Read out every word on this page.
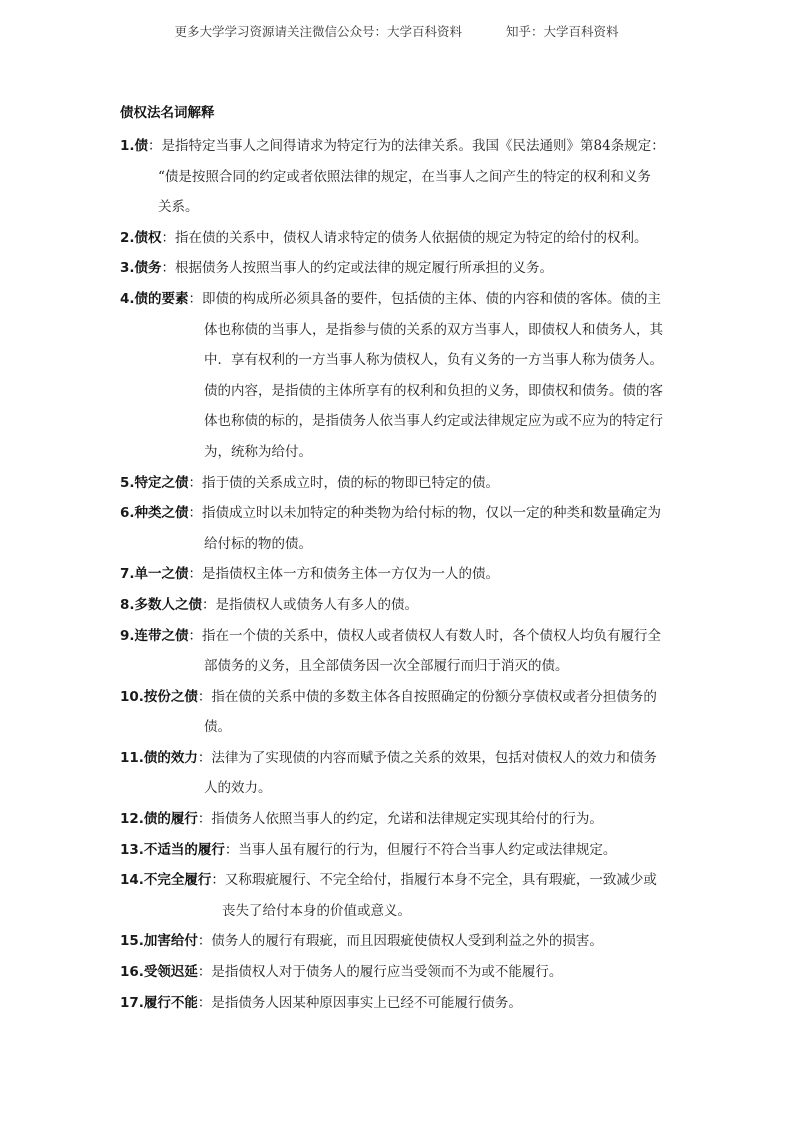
更多大学学习资源请关注微信公众号：大学百科资料	知乎：大学百科资料
债权法名词解释
1.债：是指特定当事人之间得请求为特定行为的法律关系。我国《民法通则》第84条规定：
“债是按照合同的约定或者依照法律的规定，在当事人之间产生的特定的权利和义务
关系。
2.债权：指在债的关系中，债权人请求特定的债务人依据债的规定为特定的给付的权利。
3.债务：根据债务人按照当事人的约定或法律的规定履行所承担的义务。
4.债的要素：即债的构成所必须具备的要件，包括债的主体、债的内容和债的客体。债的主
体也称债的当事人，是指参与债的关系的双方当事人，即债权人和债务人，其
中．享有权利的一方当事人称为债权人，负有义务的一方当事人称为债务人。
债的内容，是指债的主体所享有的权利和负担的义务，即债权和债务。债的客
体也称债的标的，是指债务人依当事人约定或法律规定应为或不应为的特定行
为，统称为给付。
5.特定之债：指于债的关系成立时，债的标的物即已特定的债。
6.种类之债：指债成立时以未加特定的种类物为给付标的物，仅以一定的种类和数量确定为
给付标的物的债。
7.单一之债：是指债权主体一方和债务主体一方仅为一人的债。
8.多数人之债：是指债权人或债务人有多人的债。
9.连带之债：指在一个债的关系中，债权人或者债权人有数人时，各个债权人均负有履行全
部债务的义务，且全部债务因一次全部履行而归于消灭的债。
10.按份之债：指在债的关系中债的多数主体各自按照确定的份额分享债权或者分担债务的
债。
11.债的效力：法律为了实现债的内容而赋予债之关系的效果，包括对债权人的效力和债务
人的效力。
12.债的履行：指债务人依照当事人的约定，允诺和法律规定实现其给付的行为。
13.不适当的履行：当事人虽有履行的行为，但履行不符合当事人约定或法律规定。
14.不完全履行：又称瑕疵履行、不完全给付，指履行本身不完全，具有瑕疵，一致减少或
丧失了给付本身的价值或意义。
15.加害给付：债务人的履行有瑕疵，而且因瑕疵使债权人受到利益之外的损害。
16.受领迟延：是指债权人对于债务人的履行应当受领而不为或不能履行。
17.履行不能：是指债务人因某种原因事实上已经不可能履行债务。
